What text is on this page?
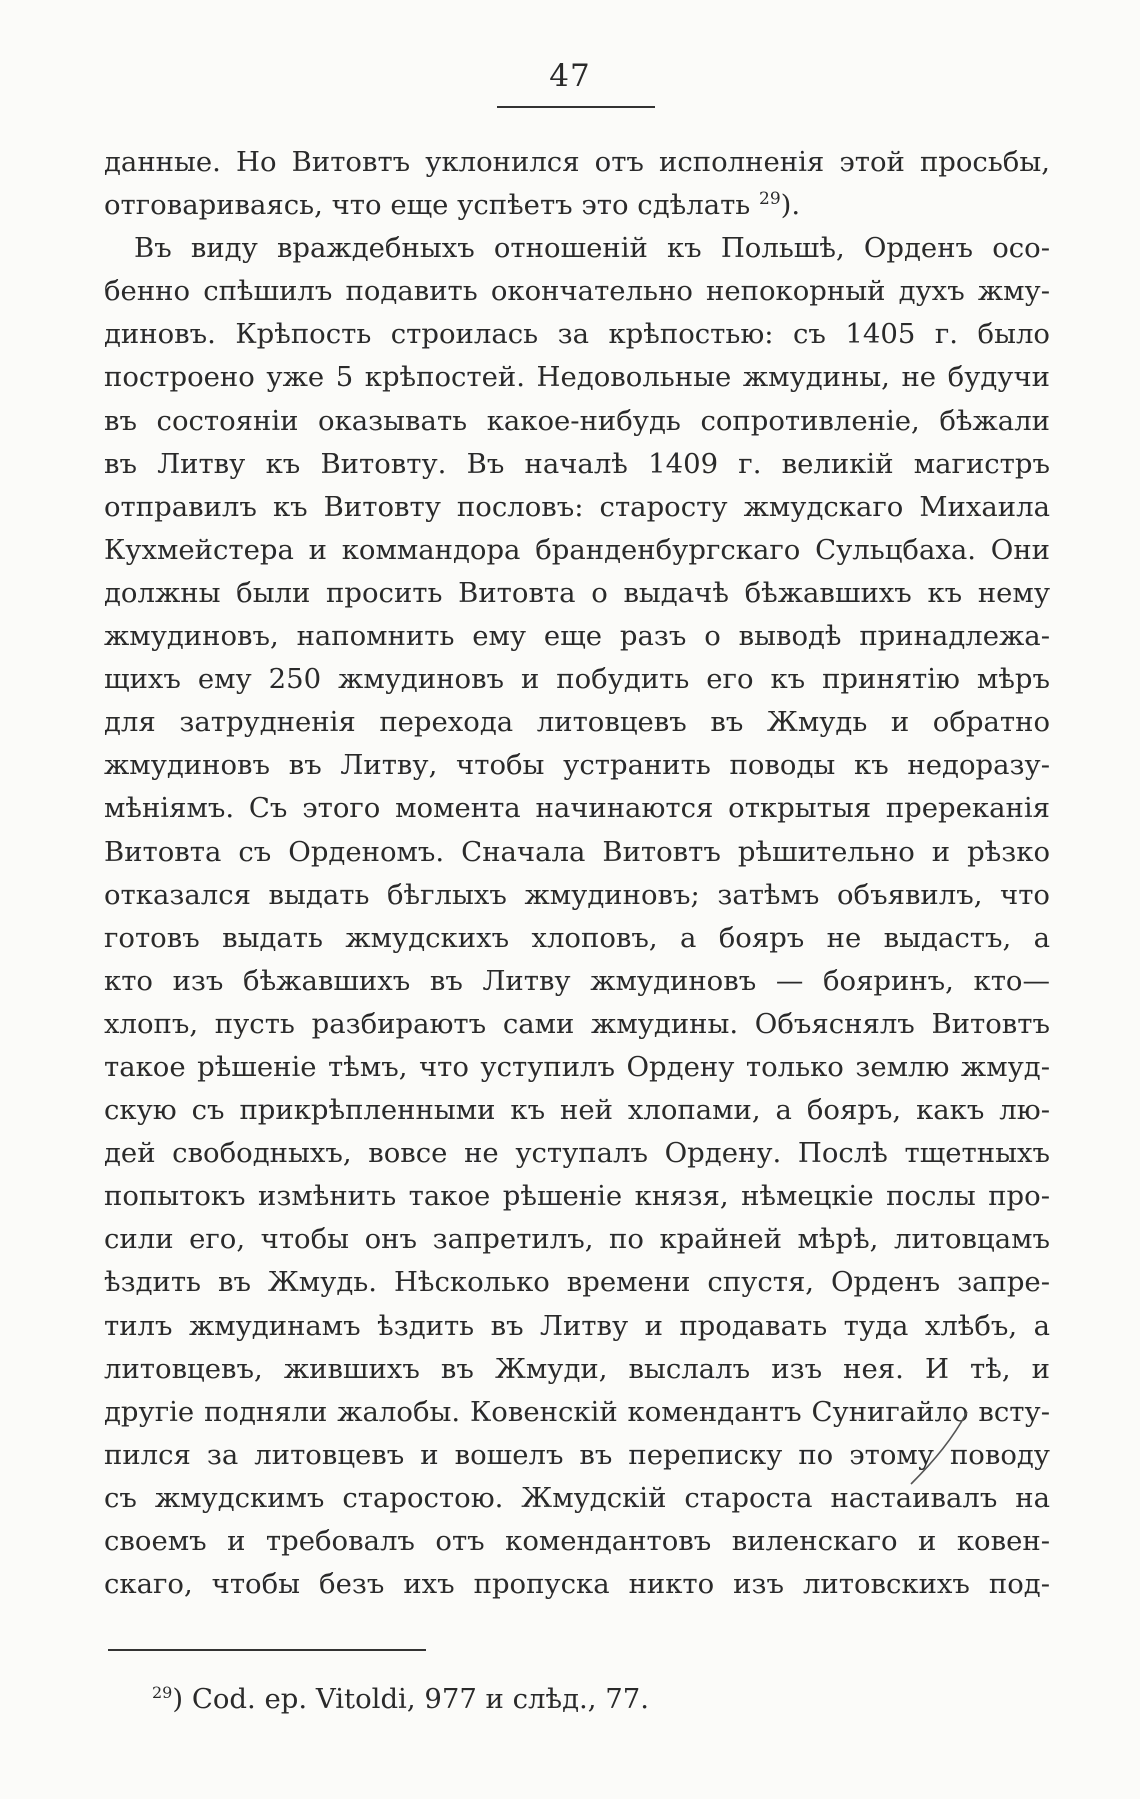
47
данные. Но Витовтъ уклонился отъ исполненія этой просьбы,
отговариваясь, что еще успѣетъ это сдѣлать $^{29}$).
Въ виду враждебныхъ отношеній къ Польшѣ, Орденъ осо-
бенно спѣшилъ подавить окончательно непокорный духъ жму-
диновъ. Крѣпость строилась за крѣпостью: съ 1405 г. было
построено уже 5 крѣпостей. Недовольные жмудины, не будучи
въ состояніи оказывать какое-нибудь сопротивленіе, бѣжали
въ Литву къ Витовту. Въ началѣ 1409 г. великій магистръ
отправилъ къ Витовту пословъ: старосту жмудскаго Михаила
Кухмейстера и коммандора бранденбургскаго Сульцбаха. Они
должны были просить Витовта о выдачѣ бѣжавшихъ къ нему
жмудиновъ, напомнить ему еще разъ о выводѣ принадлежа-
щихъ ему 250 жмудиновъ и побудить его къ принятію мѣръ
для затрудненія перехода литовцевъ въ Жмудь и обратно
жмудиновъ въ Литву, чтобы устранить поводы къ недоразу-
мѣніямъ. Съ этого момента начинаются открытыя пререканія
Витовта съ Орденомъ. Сначала Витовтъ рѣшительно и рѣзко
отказался выдать бѣглыхъ жмудиновъ; затѣмъ объявилъ, что
готовъ выдать жмудскихъ хлоповъ, а бояръ не выдастъ, а
кто изъ бѣжавшихъ въ Литву жмудиновъ — бояринъ, кто—
хлопъ, пусть разбираютъ сами жмудины. Объяснялъ Витовтъ
такое рѣшеніе тѣмъ, что уступилъ Ордену только землю жмуд-
скую съ прикрѣпленными къ ней хлопами, а бояръ, какъ лю-
дей свободныхъ, вовсе не уступалъ Ордену. Послѣ тщетныхъ
попытокъ измѣнить такое рѣшеніе князя, нѣмецкіе послы про-
сили его, чтобы онъ запретилъ, по крайней мѣрѣ, литовцамъ
ѣздить въ Жмудь. Нѣсколько времени спустя, Орденъ запре-
тилъ жмудинамъ ѣздить въ Литву и продавать туда хлѣбъ, а
литовцевъ, жившихъ въ Жмуди, выслалъ изъ нея. И тѣ, и
другіе подняли жалобы. Ковенскій комендантъ Сунигайло всту-
пился за литовцевъ и вошелъ въ переписку по этому поводу
съ жмудскимъ старостою. Жмудскій староста настаивалъ на
своемъ и требовалъ отъ комендантовъ виленскаго и ковен-
скаго, чтобы безъ ихъ пропуска никто изъ литовскихъ под-
$^{29}$) Cod. ep. Vitoldi, 977 и слѣд., 77.
